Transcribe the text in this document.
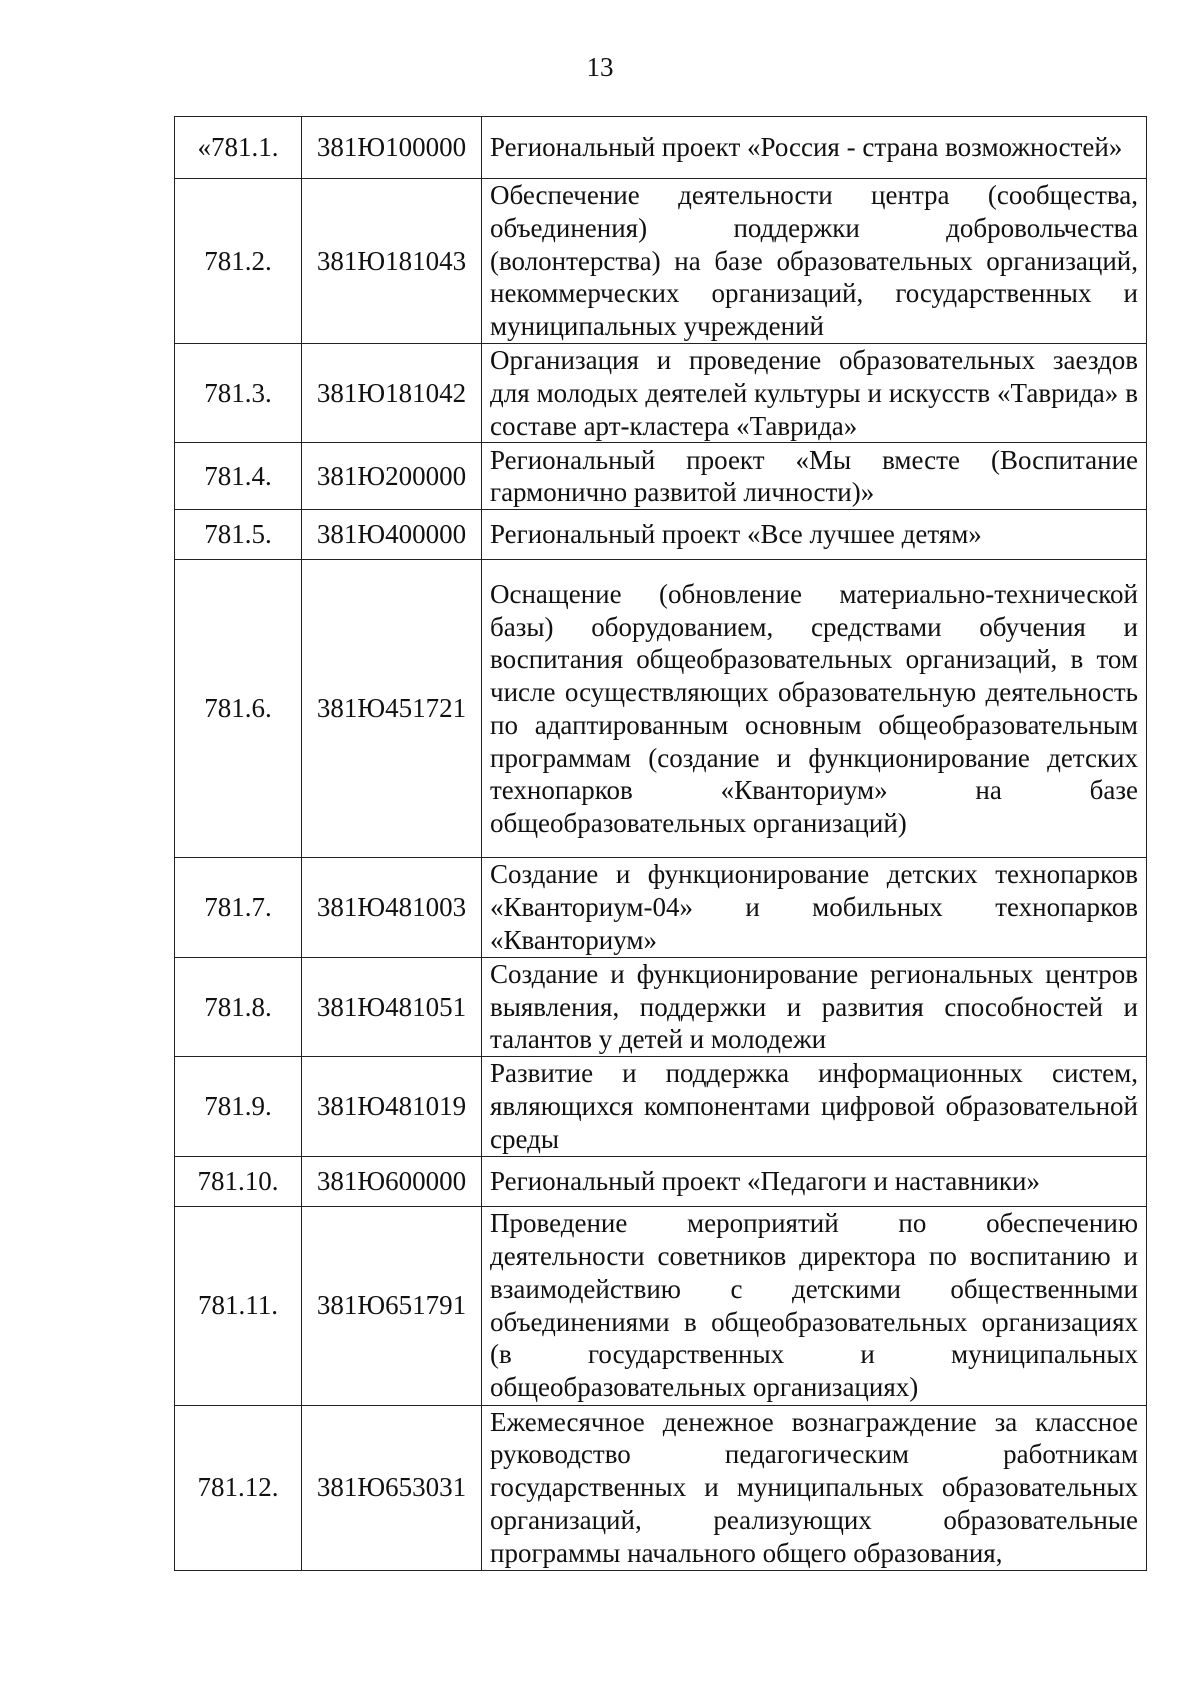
13
«781.1.	381Ю100000	Региональный проект «Россия - страна возможностей»
781.2.	381Ю181043	Обеспечение деятельности центра (сообщества, объединения) поддержки добровольчества (волонтерства) на базе образовательных организаций, некоммерческих организаций, государственных и муниципальных учреждений
781.3.	381Ю181042	Организация и проведение образовательных заездов для молодых деятелей культуры и искусств «Таврида» в составе арт-кластера «Таврида»
781.4.	381Ю200000	Региональный проект «Мы вместе (Воспитание гармонично развитой личности)»
781.5.	381Ю400000	Региональный проект «Все лучшее детям»
781.6.	381Ю451721	Оснащение (обновление материально-технической базы) оборудованием, средствами обучения и воспитания общеобразовательных организаций, в том числе осуществляющих образовательную деятельность по адаптированным основным общеобразовательным программам (создание и функционирование детских технопарков «Кванториум» на базе общеобразовательных организаций)
781.7.	381Ю481003	Создание и функционирование детских технопарков «Кванториум-04» и мобильных технопарков «Кванториум»
781.8.	381Ю481051	Создание и функционирование региональных центров выявления, поддержки и развития способностей и талантов у детей и молодежи
781.9.	381Ю481019	Развитие и поддержка информационных систем, являющихся компонентами цифровой образовательной среды
781.10.	381Ю600000	Региональный проект «Педагоги и наставники»
781.11.	381Ю651791	Проведение мероприятий по обеспечению деятельности советников директора по воспитанию и взаимодействию с детскими общественными объединениями в общеобразовательных организациях (в государственных и муниципальных общеобразовательных организациях)
781.12.	381Ю653031	Ежемесячное денежное вознаграждение за классное руководство педагогическим работникам государственных и муниципальных образовательных организаций, реализующих образовательные программы начального общего образования,
